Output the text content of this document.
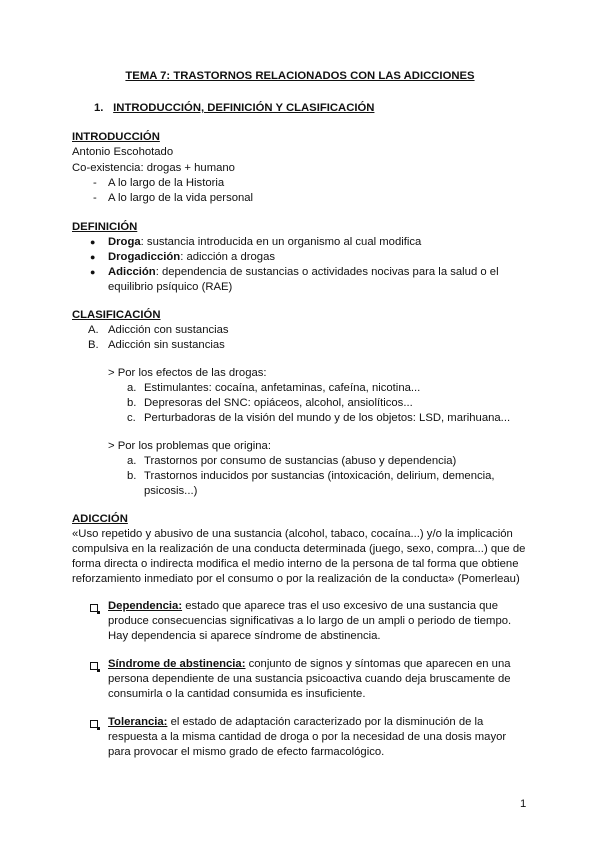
TEMA 7: TRASTORNOS RELACIONADOS CON LAS ADICCIONES
1. INTRODUCCIÓN, DEFINICIÓN Y CLASIFICACIÓN
INTRODUCCIÓN
Antonio Escohotado
Co-existencia: drogas + humano
- A lo largo de la Historia
- A lo largo de la vida personal
DEFINICIÓN
● Droga: sustancia introducida en un organismo al cual modifica
● Drogadicción: adicción a drogas
● Adicción: dependencia de sustancias o actividades nocivas para la salud o el
equilibrio psíquico (RAE)
CLASIFICACIÓN
A. Adicción con sustancias
B. Adicción sin sustancias
> Por los efectos de las drogas:
a. Estimulantes: cocaína, anfetaminas, cafeína, nicotina...
b. Depresoras del SNC: opiáceos, alcohol, ansiolíticos...
c. Perturbadoras de la visión del mundo y de los objetos: LSD, marihuana...
> Por los problemas que origina:
a. Trastornos por consumo de sustancias (abuso y dependencia)
b. Trastornos inducidos por sustancias (intoxicación, delirium, demencia,
psicosis...)
ADICCIÓN
«Uso repetido y abusivo de una sustancia (alcohol, tabaco, cocaína...) y/o la implicación compulsiva en la realización de una conducta determinada (juego, sexo, compra...) que de forma directa o indirecta modifica el medio interno de la persona de tal forma que obtiene reforzamiento inmediato por el consumo o por la realización de la conducta» (Pomerleau)
Dependencia: estado que aparece tras el uso excesivo de una sustancia que produce consecuencias significativas a lo largo de un ampli o periodo de tiempo. Hay dependencia si aparece síndrome de abstinencia.
Síndrome de abstinencia: conjunto de signos y síntomas que aparecen en una persona dependiente de una sustancia psicoactiva cuando deja bruscamente de consumirla o la cantidad consumida es insuficiente.
Tolerancia: el estado de adaptación caracterizado por la disminución de la respuesta a la misma cantidad de droga o por la necesidad de una dosis mayor para provocar el mismo grado de efecto farmacológico.
1
